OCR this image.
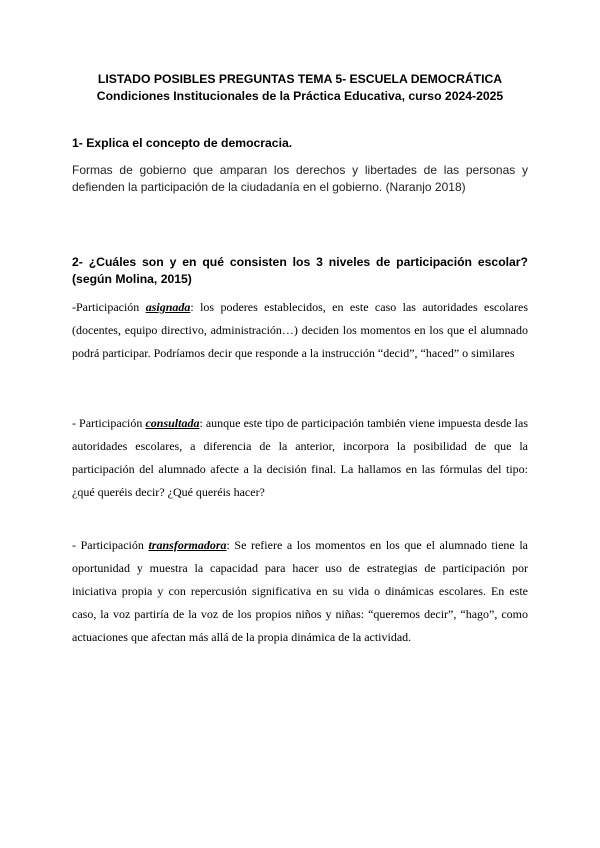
LISTADO POSIBLES PREGUNTAS TEMA 5- ESCUELA DEMOCRÁTICA
Condiciones Institucionales de la Práctica Educativa, curso 2024-2025
1- Explica el concepto de democracia.
Formas de gobierno que amparan los derechos y libertades de las personas y defienden la participación de la ciudadanía en el gobierno. (Naranjo 2018)
2- ¿Cuáles son y en qué consisten los 3 niveles de participación escolar? (según Molina, 2015)
-Participación asignada: los poderes establecidos, en este caso las autoridades escolares (docentes, equipo directivo, administración…) deciden los momentos en los que el alumnado podrá participar. Podríamos decir que responde a la instrucción “decid”, “haced” o similares
- Participación consultada: aunque este tipo de participación también viene impuesta desde las autoridades escolares, a diferencia de la anterior, incorpora la posibilidad de que la participación del alumnado afecte a la decisión final. La hallamos en las fórmulas del tipo: ¿qué queréis decir? ¿Qué queréis hacer?
- Participación transformadora: Se refiere a los momentos en los que el alumnado tiene la oportunidad y muestra la capacidad para hacer uso de estrategias de participación por iniciativa propia y con repercusión significativa en su vida o dinámicas escolares. En este caso, la voz partiría de la voz de los propios niños y niñas: “queremos decir”, “hago”, como actuaciones que afectan más allá de la propia dinámica de la actividad.
